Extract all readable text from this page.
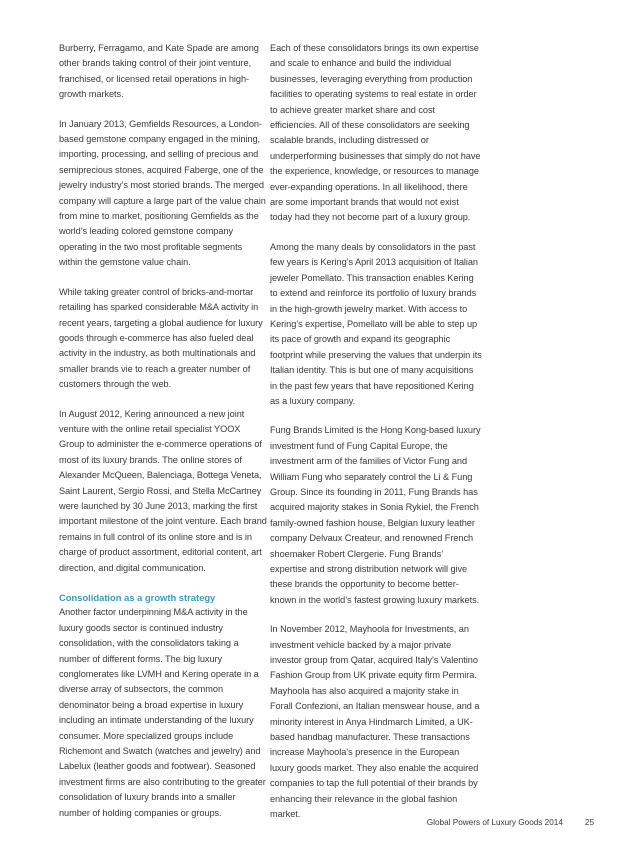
Burberry, Ferragamo, and Kate Spade are among other brands taking control of their joint venture, franchised, or licensed retail operations in high-growth markets.

In January 2013, Gemfields Resources, a London-based gemstone company engaged in the mining, importing, processing, and selling of precious and semiprecious stones, acquired Faberge, one of the jewelry industry’s most storied brands. The merged company will capture a large part of the value chain from mine to market, positioning Gemfields as the world’s leading colored gemstone company operating in the two most profitable segments within the gemstone value chain.

While taking greater control of bricks-and-mortar retailing has sparked considerable M&A activity in recent years, targeting a global audience for luxury goods through e-commerce has also fueled deal activity in the industry, as both multinationals and smaller brands vie to reach a greater number of customers through the web.

In August 2012, Kering announced a new joint venture with the online retail specialist YOOX Group to administer the e-commerce operations of most of its luxury brands. The online stores of Alexander McQueen, Balenciaga, Bottega Veneta, Saint Laurent, Sergio Rossi, and Stella McCartney were launched by 30 June 2013, marking the first important milestone of the joint venture. Each brand remains in full control of its online store and is in charge of product assortment, editorial content, art direction, and digital communication.

Consolidation as a growth strategy

Another factor underpinning M&A activity in the luxury goods sector is continued industry consolidation, with the consolidators taking a number of different forms. The big luxury conglomerates like LVMH and Kering operate in a diverse array of subsectors, the common denominator being a broad expertise in luxury including an intimate understanding of the luxury consumer. More specialized groups include Richemont and Swatch (watches and jewelry) and Labelux (leather goods and footwear). Seasoned investment firms are also contributing to the greater consolidation of luxury brands into a smaller number of holding companies or groups.

Each of these consolidators brings its own expertise and scale to enhance and build the individual businesses, leveraging everything from production facilities to operating systems to real estate in order to achieve greater market share and cost efficiencies. All of these consolidators are seeking scalable brands, including distressed or underperforming businesses that simply do not have the experience, knowledge, or resources to manage ever-expanding operations. In all likelihood, there are some important brands that would not exist today had they not become part of a luxury group.

Among the many deals by consolidators in the past few years is Kering’s April 2013 acquisition of Italian jeweler Pomellato. This transaction enables Kering to extend and reinforce its portfolio of luxury brands in the high-growth jewelry market. With access to Kering’s expertise, Pomellato will be able to step up its pace of growth and expand its geographic footprint while preserving the values that underpin its Italian identity. This is but one of many acquisitions in the past few years that have repositioned Kering as a luxury company.

Fung Brands Limited is the Hong Kong-based luxury investment fund of Fung Capital Europe, the investment arm of the families of Victor Fung and William Fung who separately control the Li & Fung Group. Since its founding in 2011, Fung Brands has acquired majority stakes in Sonia Rykiel, the French family-owned fashion house, Belgian luxury leather company Delvaux Createur, and renowned French shoemaker Robert Clergerie. Fung Brands’ expertise and strong distribution network will give these brands the opportunity to become better-known in the world’s fastest growing luxury markets.

In November 2012, Mayhoola for Investments, an investment vehicle backed by a major private investor group from Qatar, acquired Italy’s Valentino Fashion Group from UK private equity firm Permira. Mayhoola has also acquired a majority stake in Forall Confezioni, an Italian menswear house, and a minority interest in Anya Hindmarch Limited, a UK-based handbag manufacturer. These transactions increase Mayhoola’s presence in the European luxury goods market. They also enable the acquired companies to tap the full potential of their brands by enhancing their relevance in the global fashion market.

Global Powers of Luxury Goods 2014	25
